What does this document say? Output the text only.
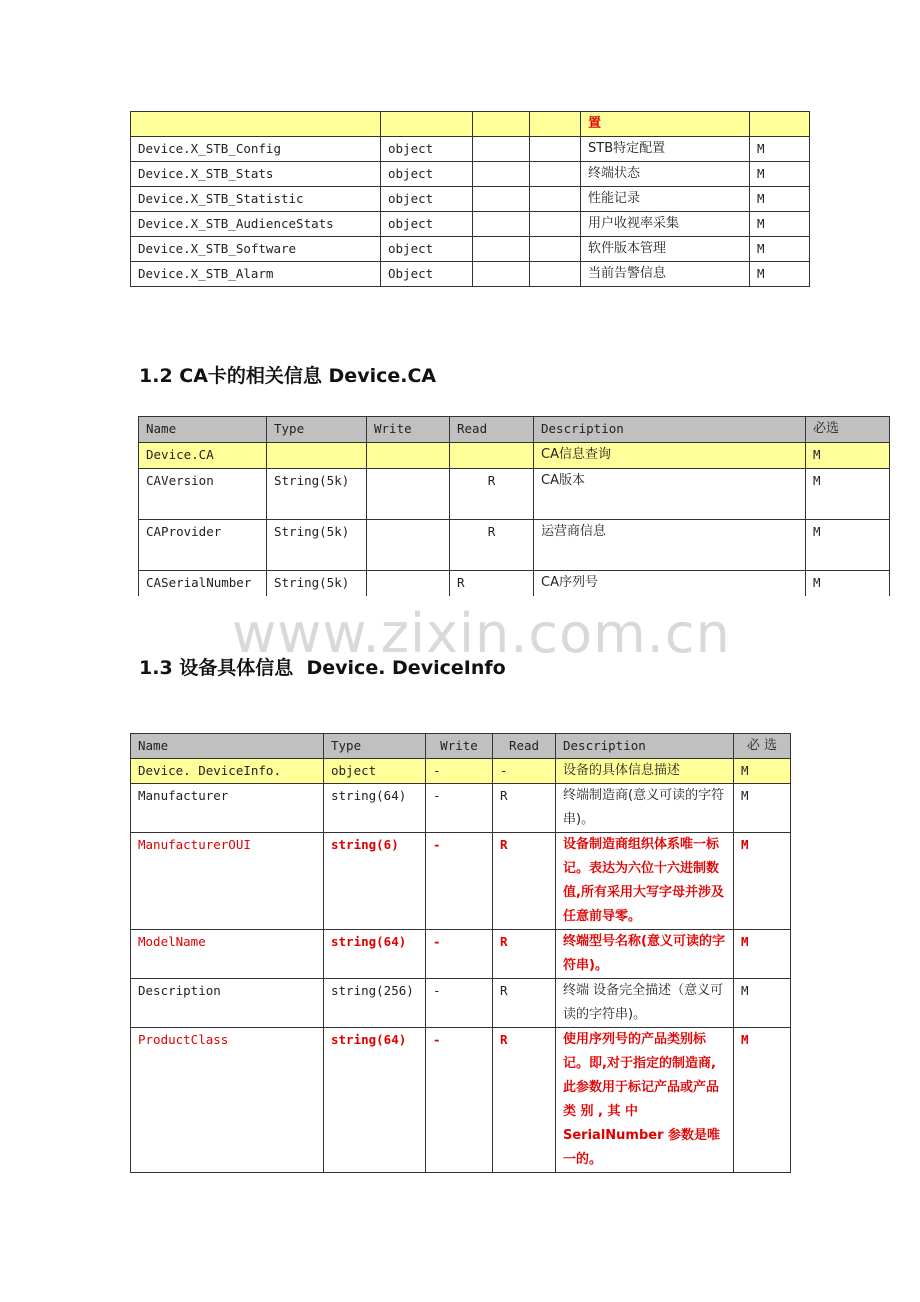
				置	
Device.X_STB_Config	object			STB特定配置	M
Device.X_STB_Stats	object			终端状态	M
Device.X_STB_Statistic	object			性能记录	M
Device.X_STB_AudienceStats	object			用户收视率采集	M
Device.X_STB_Software	object			软件版本管理	M
Device.X_STB_Alarm	Object			当前告警信息	M
1.2 CA卡的相关信息 Device.CA
Name	Type	Write	Read	Description	必选
Device.CA				CA信息查询	M
CAVersion	String(5k)		R	CA版本	M
CAProvider	String(5k)		R	运营商信息	M
CASerialNumber	String(5k)		R	CA序列号	M
www.zixin.com.cn
1.3 设备具体信息  Device. DeviceInfo
Name	Type	Write	Read	Description	必 选
Device. DeviceInfo.	object	-	-	设备的具体信息描述	M
Manufacturer	string(64)	-	R	终端制造商(意义可读的字符串)。	M
ManufacturerOUI	string(6)	-	R	设备制造商组织体系唯一标记。表达为六位十六进制数值,所有采用大写字母并涉及任意前导零。	M
ModelName	string(64)	-	R	终端型号名称(意义可读的字符串)。	M
Description	string(256)	-	R	终端 设备完全描述（意义可读的字符串)。	M
ProductClass	string(64)	-	R	使用序列号的产品类别标记。即,对于指定的制造商,此参数用于标记产品或产品 类 别 , 其 中 SerialNumber 参数是唯一的。	M
